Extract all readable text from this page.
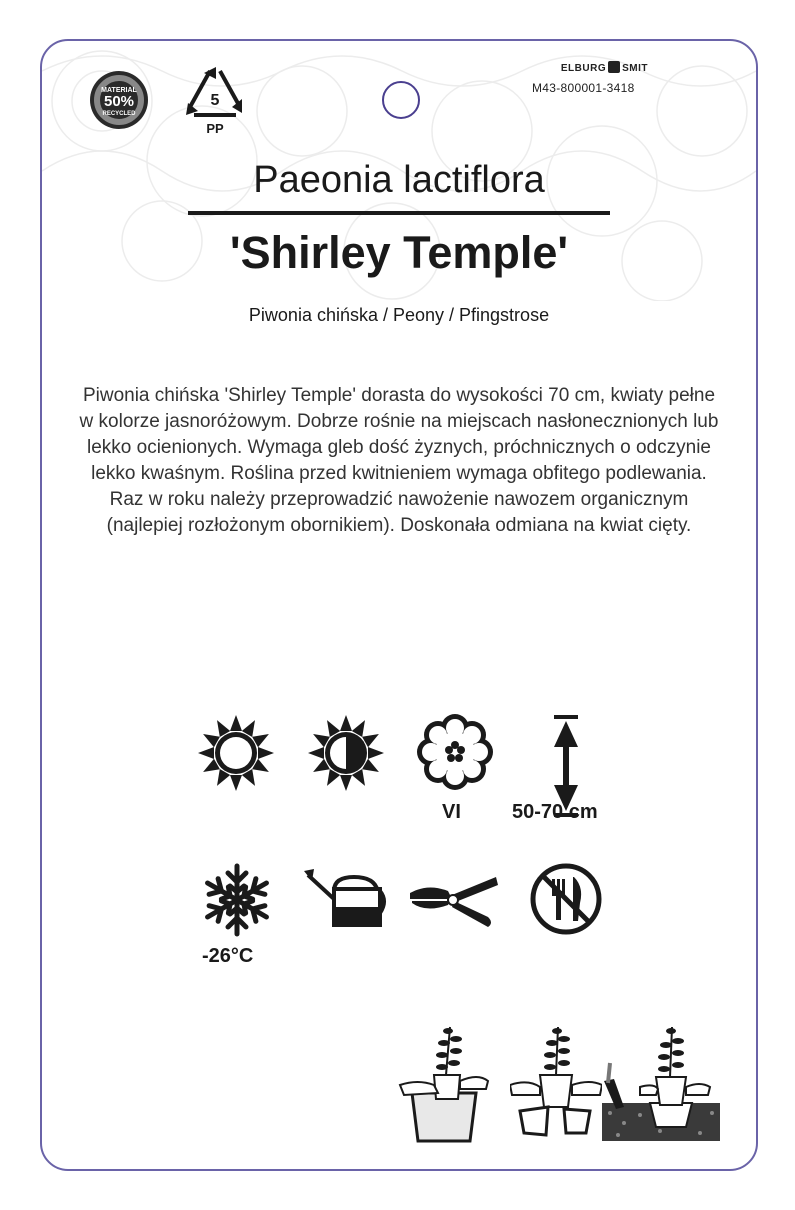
MATERIAL
50%
RECYCLED
5
PP
ELBURG SMIT
M43-800001-3418
Paeonia lactiflora
'Shirley Temple'
Piwonia chińska / Peony / Pfingstrose
Piwonia chińska 'Shirley Temple' dorasta do wysokości 70 cm, kwiaty pełne w kolorze jasnoróżowym. Dobrze rośnie na miejscach nasłonecznionych lub lekko ocienionych. Wymaga gleb dość żyznych, próchnicznych o odczynie lekko kwaśnym. Roślina przed kwitnieniem wymaga obfitego podlewania. Raz w roku należy przeprowadzić nawożenie nawozem organicznym (najlepiej rozłożonym obornikiem). Doskonała odmiana na kwiat cięty.
VI	50-70 cm
-26°C
